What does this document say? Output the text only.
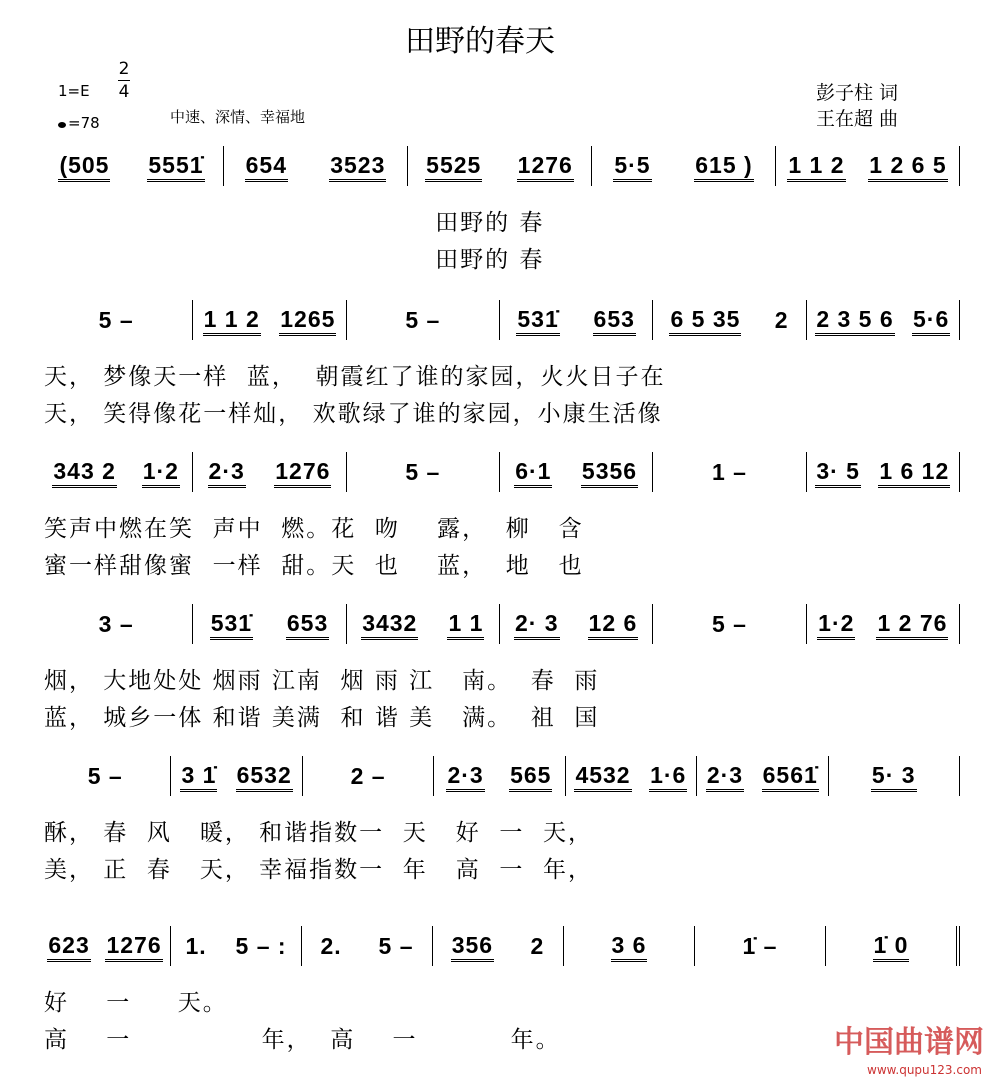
田野的春天
1=E
2
4
=78	中速、深情、幸福地
彭子柱 词
王在超 曲
(505 5551̇ 654 3523 5525 1276 5·5 615 ) 1 1 2 1 2 6 5
田野的 春
田野的 春
5 –	1 1 2 1265	5 –	531̇ 653 6 5 35 2 2 3 5 6 5·6
天， 梦像天一样  蓝，  朝霞红了谁的家园，火火日子在
天， 笑得像花一样灿， 欢歌绿了谁的家园，小康生活像
343 2 1·2 2·3 1276	5 –	6·1 5356	1 –	3· 5 1 6 12
笑声中燃在笑  声中  燃。花  吻    露，  柳   含
蜜一样甜像蜜  一样  甜。天  也    蓝，  地   也
3 –	531̇ 653 3432 1 1 2· 3 12 6	5 –	1·2 1 2 76
烟， 大地处处 烟雨 江南  烟 雨 江   南。  春  雨
蓝， 城乡一体 和谐 美满  和 谐 美   满。  祖  国
5 –	3 1̇ 6532	2 –	2·3 565 4532 1·6 2·3 6561̇ 5· 3
酥， 春  风   暖， 和谐指数一  天   好  一  天，
美， 正  春   天， 幸福指数一  年   高  一  年，
623 1276 1. 5 – : 2. 5 – 356 2	3 6	1̇ –	1̇ 0
好    一     天。
高    一              年，  高    一          年。	中国曲谱网
www.qupu123.com
